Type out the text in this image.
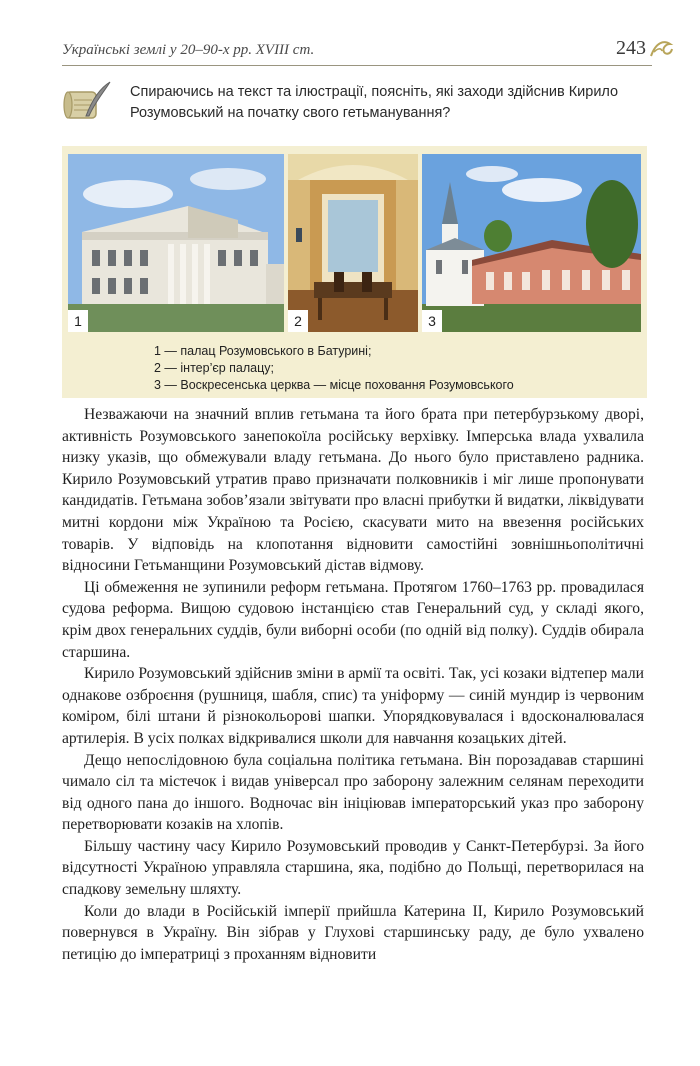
Українські землі у 20–90-х рр. XVIII ст.	243
Спираючись на текст та ілюстрації, поясніть, які заходи здійснив Кирило Розумовський на початку свого гетьманування?
1	2	3
1 — палац Розумовського в Батурині;
2 — інтер’єр палацу;
3 — Воскресенська церква — місце поховання Розумовського

Незважаючи на значний вплив гетьмана та його брата при петербурзькому дворі, активність Розумовського занепокоїла російську верхівку. Імперська влада ухвалила низку указів, що обмежували владу гетьмана. До нього було приставлено радника. Кирило Розумовський утратив право призначати полковників і міг лише пропонувати кандидатів. Гетьмана зобов’язали звітувати про власні прибутки й видатки, ліквідувати митні кордони між Україною та Росією, скасувати мито на ввезення російських товарів. У відповідь на клопотання відновити самостійні зовнішньополітичні відносини Гетьманщини Розумовський дістав відмову.

Ці обмеження не зупинили реформ гетьмана. Протягом 1760–1763 рр. провадилася судова реформа. Вищою судовою інстанцією став Генеральний суд, у складі якого, крім двох генеральних суддів, були виборні особи (по одній від полку). Суддів обирала старшина.

Кирило Розумовський здійснив зміни в армії та освіті. Так, усі козаки відтепер мали однакове озброєння (рушниця, шабля, спис) та уніформу — синій мундир із червоним коміром, білі штани й різнокольорові шапки. Упорядковувалася і вдосконалювалася артилерія. В усіх полках відкривалися школи для навчання козацьких дітей.

Дещо непослідовною була соціальна політика гетьмана. Він порозадавав старшині чимало сіл та містечок і видав універсал про заборону залежним селянам переходити від одного пана до іншого. Водночас він ініціював імператорський указ про заборону перетворювати козаків на хлопів.

Більшу частину часу Кирило Розумовський проводив у Санкт-Петербурзі. За його відсутності Україною управляла старшина, яка, подібно до Польщі, перетворилася на спадкову земельну шляхту.

Коли до влади в Російській імперії прийшла Катерина II, Кирило Розумовський повернувся в Україну. Він зібрав у Глухові старшинську раду, де було ухвалено петицію до імператриці з проханням відновити
